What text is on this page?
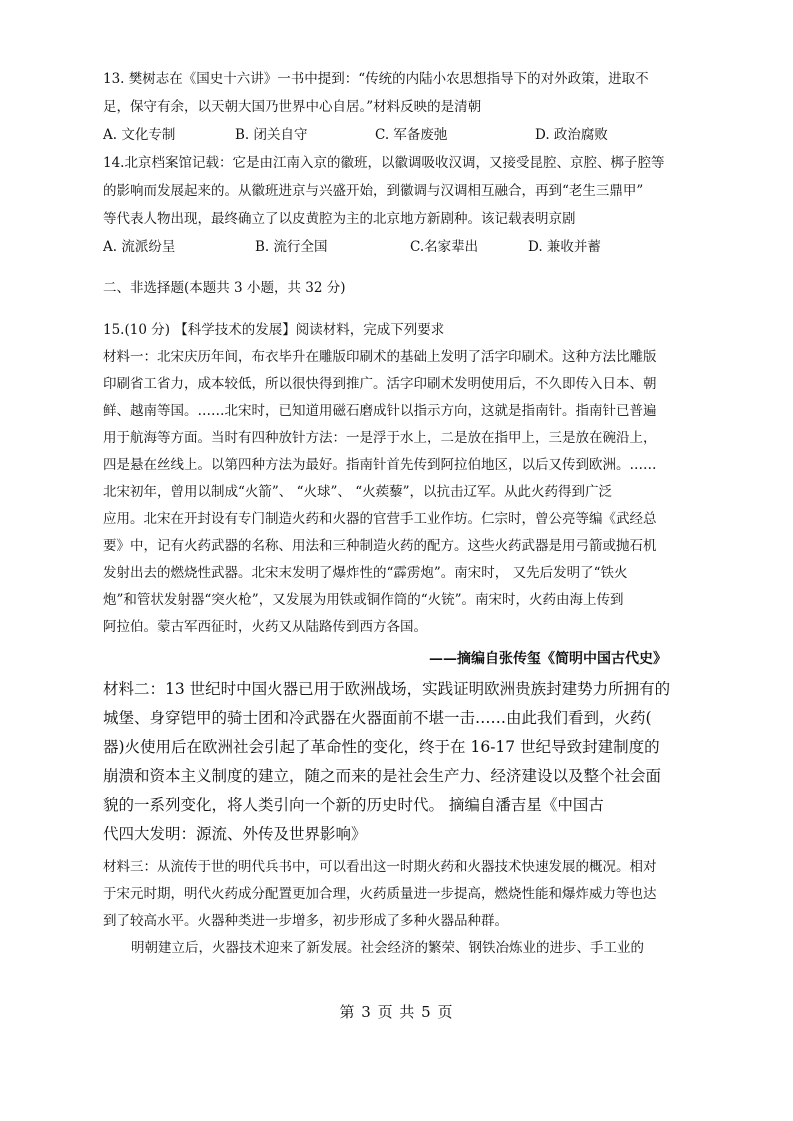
13. 樊树志在《国史十六讲》一书中提到：“传统的内陆小农思想指导下的对外政策，进取不
足，保守有余，以天朝大国乃世界中心自居。”材料反映的是清朝
A. 文化专制	B. 闭关自守	C. 军备废弛	D. 政治腐败
14.北京档案馆记载：它是由江南入京的徽班，以徽调吸收汉调，又接受昆腔、京腔、梆子腔等
的影响而发展起来的。从徽班进京与兴盛开始，到徽调与汉调相互融合，再到“老生三鼎甲”
等代表人物出现，最终确立了以皮黄腔为主的北京地方新剧种。该记载表明京剧
A. 流派纷呈	B. 流行全国	C.名家辈出	D. 兼收并蓄
二、非选择题(本题共 3 小题，共 32 分)
15.(10 分) 【科学技术的发展】阅读材料，完成下列要求
材料一：北宋庆历年间，布衣毕升在雕版印刷术的基础上发明了活字印刷术。这种方法比雕版
印刷省工省力，成本较低，所以很快得到推广。活字印刷术发明使用后，不久即传入日本、朝
鲜、越南等国。……北宋时，已知道用磁石磨成针以指示方向，这就是指南针。指南针已普遍
用于航海等方面。当时有四种放针方法：一是浮于水上，二是放在指甲上，三是放在碗沿上，
四是悬在丝线上。以第四种方法为最好。指南针首先传到阿拉伯地区，以后又传到欧洲。……
北宋初年，曾用以制成“火箭”、 “火球”、 “火蒺藜”，以抗击辽军。从此火药得到广泛
应用。北宋在开封设有专门制造火药和火器的官营手工业作坊。仁宗时，曾公亮等编《武经总
要》中，记有火药武器的名称、用法和三种制造火药的配方。这些火药武器是用弓箭或抛石机
发射出去的燃烧性武器。北宋末发明了爆炸性的“霹雳炮”。南宋时， 又先后发明了“铁火
炮”和管状发射器“突火枪”，又发展为用铁或铜作筒的“火铳”。南宋时，火药由海上传到
阿拉伯。蒙古军西征时，火药又从陆路传到西方各国。
——摘编自张传玺《简明中国古代史》
材料二：13 世纪时中国火器已用于欧洲战场，实践证明欧洲贵族封建势力所拥有的
城堡、身穿铠甲的骑士团和冷武器在火器面前不堪一击……由此我们看到，火药(
器)火使用后在欧洲社会引起了革命性的变化，终于在 16-17 世纪导致封建制度的
崩溃和资本主义制度的建立，随之而来的是社会生产力、经济建设以及整个社会面
貌的一系列变化，将人类引向一个新的历史时代。 摘编自潘吉星《中国古
代四大发明：源流、外传及世界影响》
材料三：从流传于世的明代兵书中，可以看出这一时期火药和火器技术快速发展的概况。相对
于宋元时期，明代火药成分配置更加合理，火药质量进一步提高，燃烧性能和爆炸威力等也达
到了较高水平。火器种类进一步增多，初步形成了多种火器品种群。
明朝建立后，火器技术迎来了新发展。社会经济的繁荣、钢铁冶炼业的进步、手工业的
第 3 页 共 5 页
